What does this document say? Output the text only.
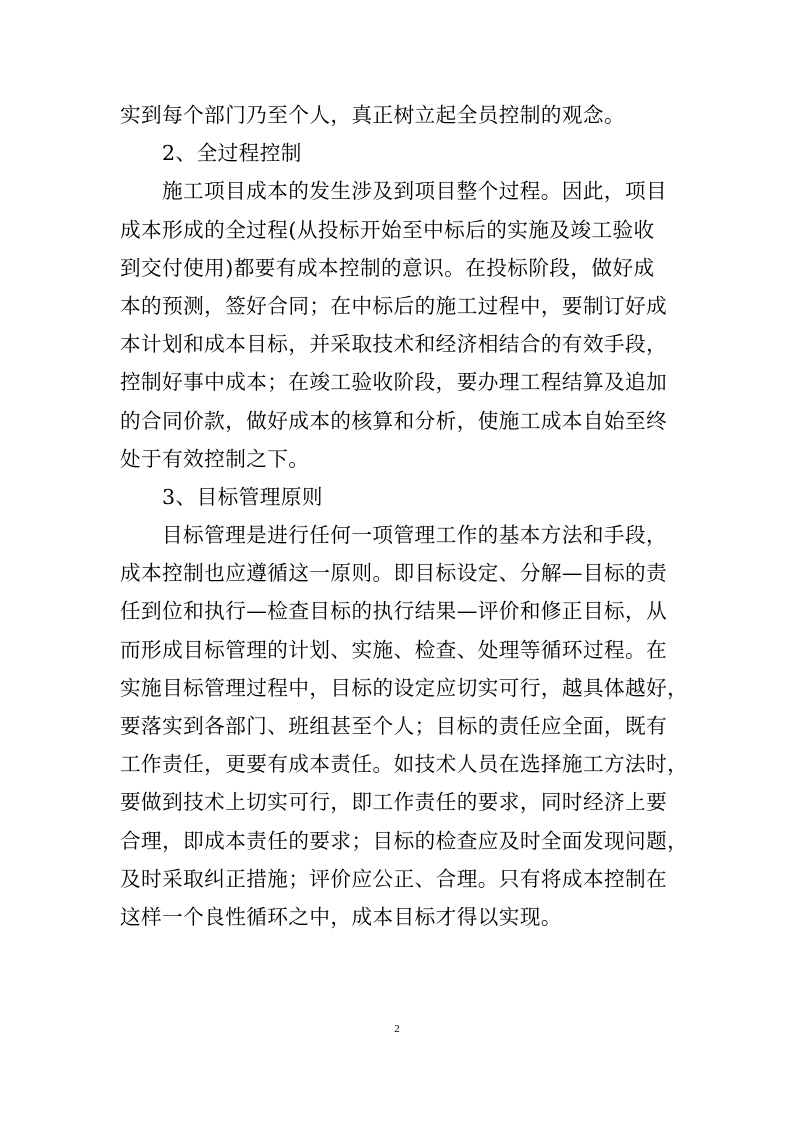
实到每个部门乃至个人，真正树立起全员控制的观念。
2、全过程控制
施工项目成本的发生涉及到项目整个过程。因此，项目
成本形成的全过程(从投标开始至中标后的实施及竣工验收
到交付使用)都要有成本控制的意识。在投标阶段，做好成
本的预测，签好合同；在中标后的施工过程中，要制订好成
本计划和成本目标，并采取技术和经济相结合的有效手段，
控制好事中成本；在竣工验收阶段，要办理工程结算及追加
的合同价款，做好成本的核算和分析，使施工成本自始至终
处于有效控制之下。
3、目标管理原则
目标管理是进行任何一项管理工作的基本方法和手段，
成本控制也应遵循这一原则。即目标设定、分解—目标的责
任到位和执行—检查目标的执行结果—评价和修正目标，从
而形成目标管理的计划、实施、检查、处理等循环过程。在
实施目标管理过程中，目标的设定应切实可行，越具体越好，
要落实到各部门、班组甚至个人；目标的责任应全面，既有
工作责任，更要有成本责任。如技术人员在选择施工方法时，
要做到技术上切实可行，即工作责任的要求，同时经济上要
合理，即成本责任的要求；目标的检查应及时全面发现问题，
及时采取纠正措施；评价应公正、合理。只有将成本控制在
这样一个良性循环之中，成本目标才得以实现。
2
